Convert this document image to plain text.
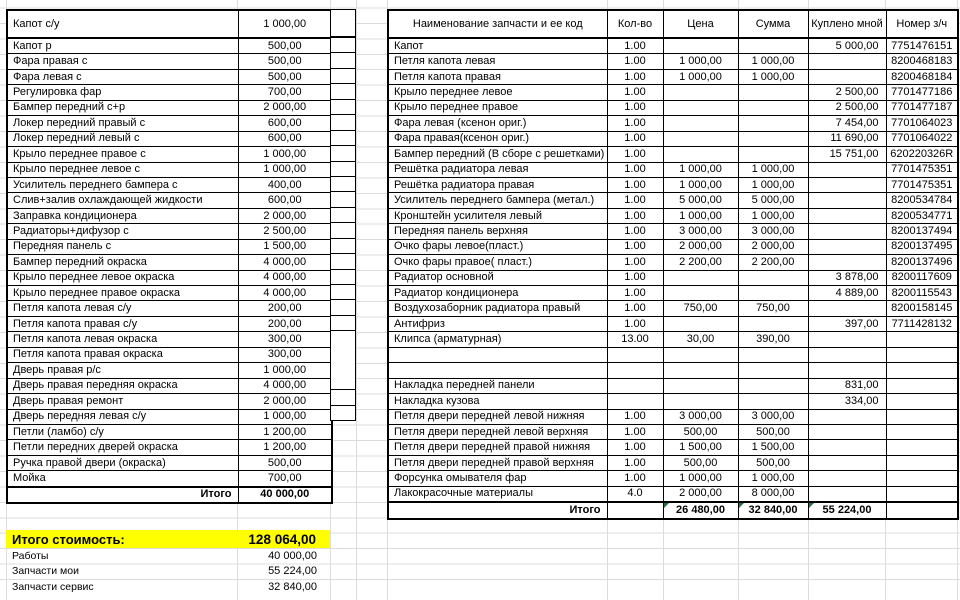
Капот с/у	1 000,00
Капот р	500,00
Фара правая с	500,00
Фара левая с	500,00
Регулировка фар	700,00
Бампер передний с+р	2 000,00
Локер передний правый с	600,00
Локер передний левый с	600,00
Крыло переднее правое с	1 000,00
Крыло переднее левое с	1 000,00
Усилитель переднего бампера с	400,00
Слив+залив охлаждающей жидкости	600,00
Заправка кондиционера	2 000,00
Радиаторы+дифузор с	2 500,00
Передняя панель с	1 500,00
Бампер передний окраска	4 000,00
Крыло переднее левое окраска	4 000,00
Крыло переднее правое окраска	4 000,00
Петля капота левая с/у	200,00
Петля капота правая с/у	200,00
Петля капота левая окраска	300,00
Петля капота правая окраска	300,00
Дверь правая р/с	1 000,00
Дверь правая передняя окраска	4 000,00
Дверь правая ремонт	2 000,00
Дверь передняя левая с/у	1 000,00
Петли (ламбо) с/у	1 200,00
Петли передних дверей окраска	1 200,00
Ручка правой двери (окраска)	500,00
Мойка	700,00
Итого	40 000,00

Наименование запчасти и ее код	Кол-во	Цена	Сумма	Куплено мной	Номер з/ч
Капот	1.00			5 000,00	7751476151
Петля капота левая	1.00	1 000,00	1 000,00		8200468183
Петля капота правая	1.00	1 000,00	1 000,00		8200468184
Крыло переднее левое	1.00			2 500,00	7701477186
Крыло переднее правое	1.00			2 500,00	7701477187
Фара левая (ксенон ориг.)	1.00			7 454,00	7701064023
Фара правая(ксенон ориг.)	1.00			11 690,00	7701064022
Бампер передний (В сборе с решетками)	1.00			15 751,00	620220326R
Решётка радиатора левая	1.00	1 000,00	1 000,00		7701475351
Решётка радиатора правая	1.00	1 000,00	1 000,00		7701475351
Усилитель переднего бампера (метал.)	1.00	5 000,00	5 000,00		8200534784
Кронштейн усилителя левый	1.00	1 000,00	1 000,00		8200534771
Передняя панель верхняя	1.00	3 000,00	3 000,00		8200137494
Очко фары левое(пласт.)	1.00	2 000,00	2 000,00		8200137495
Очко фары правое( пласт.)	1.00	2 200,00	2 200,00		8200137496
Радиатор основной	1.00			3 878,00	8200117609
Радиатор кондиционера	1.00			4 889,00	8200115543
Воздухозаборник радиатора правый	1.00	750,00	750,00		8200158145
Антифриз	1.00			397,00	7711428132
Клипса (арматурная)	13.00	30,00	390,00		

Накладка передней панели				831,00	
Накладка кузова				334,00	
Петля двери передней левой нижняя	1.00	3 000,00	3 000,00		
Петля двери передней левой верхняя	1.00	500,00	500,00		
Петля двери передней правой нижняя	1.00	1 500,00	1 500,00		
Петля двери передней правой верхняя	1.00	500,00	500,00		
Форсунка омывателя фар	1.00	1 000,00	1 000,00		
Лакокрасочные материалы	4.0	2 000,00	8 000,00		
Итого		26 480,00	32 840,00	55 224,00	
Итого стоимость:	128 064,00
Работы	40 000,00
Запчасти мои	55 224,00
Запчасти сервис	32 840,00
